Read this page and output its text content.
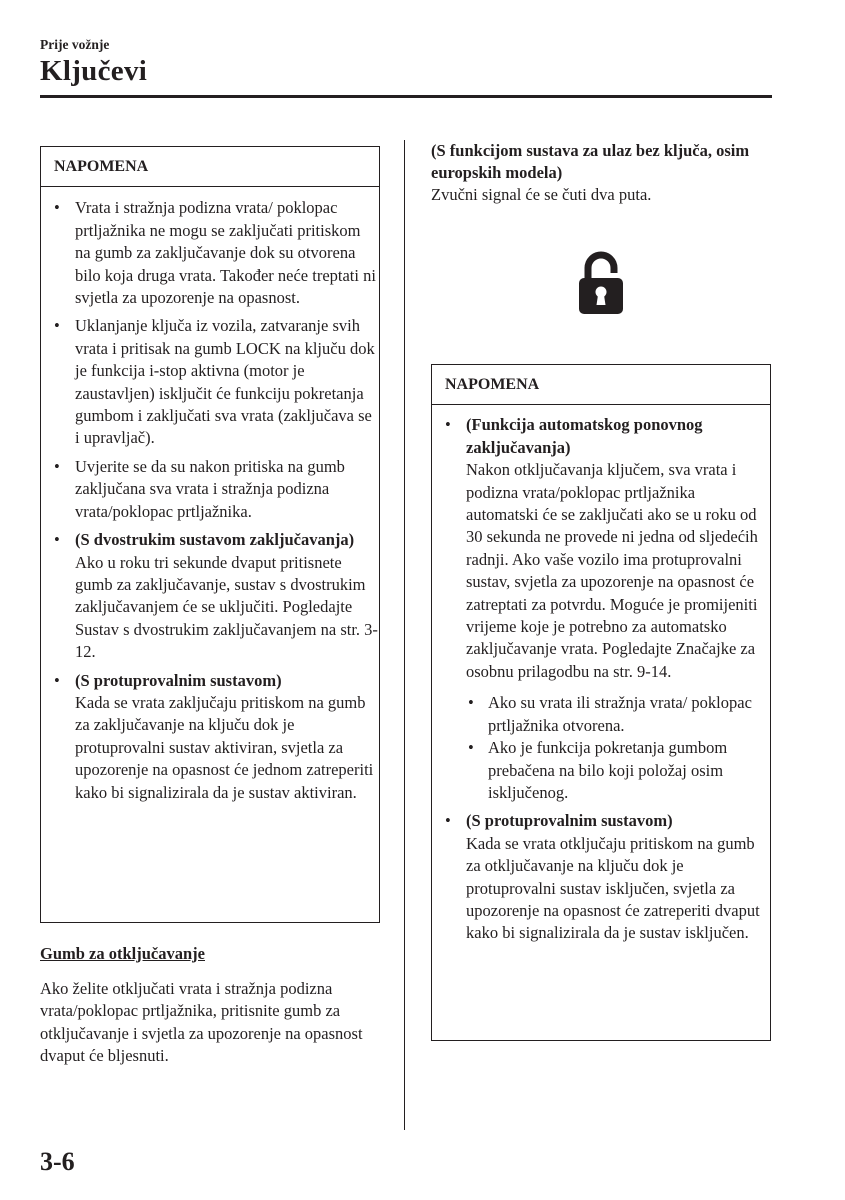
Prije vožnje
Ključevi
NAPOMENA
• Vrata i stražnja podizna vrata/ poklopac prtljažnika ne mogu se zaključati pritiskom na gumb za zaključavanje dok su otvorena bilo koja druga vrata. Također neće treptati ni svjetla za upozorenje na opasnost.
• Uklanjanje ključa iz vozila, zatvaranje svih vrata i pritisak na gumb LOCK na ključu dok je funkcija i-stop aktivna (motor je zaustavljen) isključit će funkciju pokretanja gumbom i zaključati sva vrata (zaključava se i upravljač).
• Uvjerite se da su nakon pritiska na gumb zaključana sva vrata i stražnja podizna vrata/poklopac prtljažnika.
• (S dvostrukim sustavom zaključavanja)
Ako u roku tri sekunde dvaput pritisnete gumb za zaključavanje, sustav s dvostrukim zaključavanjem će se uključiti. Pogledajte Sustav s dvostrukim zaključavanjem na str. 3-12.
• (S protuprovalnim sustavom)
Kada se vrata zaključaju pritiskom na gumb za zaključavanje na ključu dok je protuprovalni sustav aktiviran, svjetla za upozorenje na opasnost će jednom zatreperiti kako bi signalizirala da je sustav aktiviran.
Gumb za otključavanje
Ako želite otključati vrata i stražnja podizna vrata/poklopac prtljažnika, pritisnite gumb za otključavanje i svjetla za upozorenje na opasnost dvaput će bljesnuti.
(S funkcijom sustava za ulaz bez ključa, osim europskih modela)
Zvučni signal će se čuti dva puta.
NAPOMENA
• (Funkcija automatskog ponovnog zaključavanja)
Nakon otključavanja ključem, sva vrata i podizna vrata/poklopac prtljažnika automatski će se zaključati ako se u roku od 30 sekunda ne provede ni jedna od sljedećih radnji. Ako vaše vozilo ima protuprovalni sustav, svjetla za upozorenje na opasnost će zatreptati za potvrdu. Moguće je promijeniti vrijeme koje je potrebno za automatsko zaključavanje vrata. Pogledajte Značajke za osobnu prilagodbu na str. 9-14.
• Ako su vrata ili stražnja vrata/ poklopac prtljažnika otvorena.
• Ako je funkcija pokretanja gumbom prebačena na bilo koji položaj osim isključenog.
• (S protuprovalnim sustavom)
Kada se vrata otključaju pritiskom na gumb za otključavanje na ključu dok je protuprovalni sustav isključen, svjetla za upozorenje na opasnost će zatreperiti dvaput kako bi signalizirala da je sustav isključen.
3-6
